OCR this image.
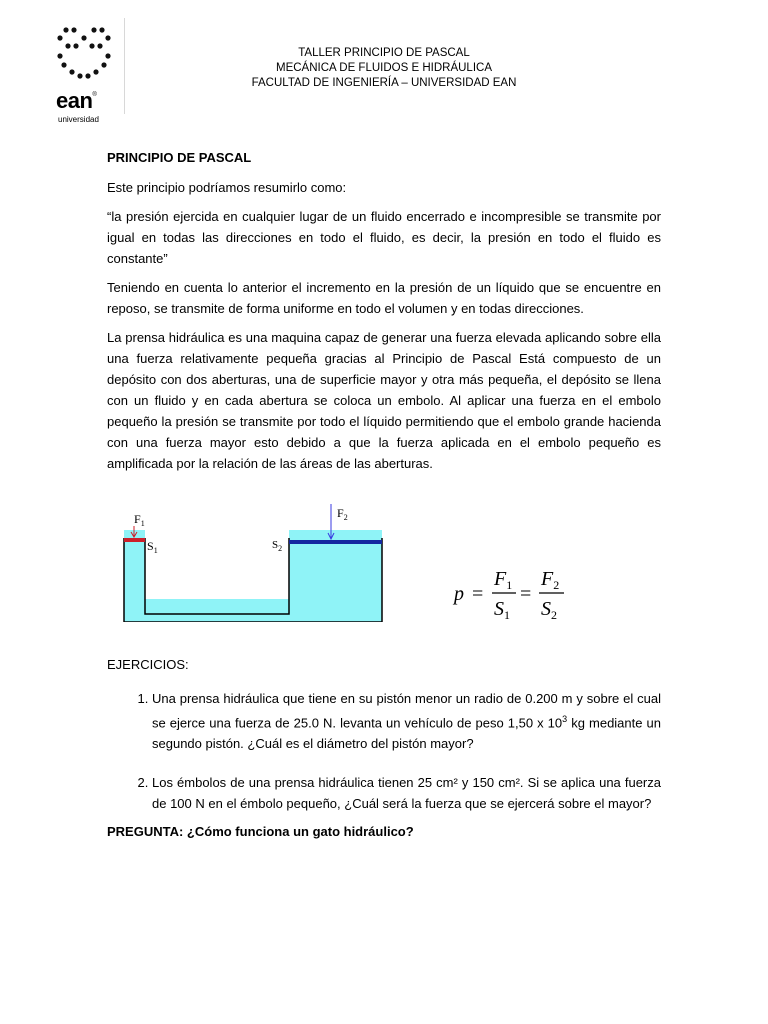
ean®
universidad
TALLER PRINCIPIO DE PASCAL
MECÁNICA DE FLUIDOS E HIDRÁULICA
FACULTAD DE INGENIERÍA – UNIVERSIDAD EAN

PRINCIPIO DE PASCAL

Este principio podríamos resumirlo como:

“la presión ejercida en cualquier lugar de un fluido encerrado e incompresible se transmite por igual en todas las direcciones en todo el fluido, es decir, la presión en todo el fluido es constante”

Teniendo en cuenta lo anterior el incremento en la presión de un líquido que se encuentre en reposo, se transmite de forma uniforme en todo el volumen y en todas direcciones.

La prensa hidráulica es una maquina capaz de generar una fuerza elevada aplicando sobre ella una fuerza relativamente pequeña gracias al Principio de Pascal Está compuesto de un depósito con dos aberturas, una de superficie mayor y otra más pequeña, el depósito se llena con un fluido y en cada abertura se coloca un embolo. Al aplicar una fuerza en el embolo pequeño la presión se transmite por todo el líquido permitiendo que el embolo grande hacienda con una fuerza mayor esto debido a que la fuerza aplicada en el embolo pequeño es amplificada por la relación de las áreas de las aberturas.

$F_1$
$S_1$	$S_2$
$F_2$
p =
$F_1$
$S_1$
=
$F_2$
$S_2$
EJERCICIOS:
1. Una prensa hidráulica que tiene en su pistón menor un radio de 0.200 m y sobre el cual se ejerce una fuerza de 25.0 N. levanta un vehículo de peso 1,50 x $10^3$ kg mediante un segundo pistón. ¿Cuál es el diámetro del pistón mayor?
2. Los émbolos de una prensa hidráulica tienen 25 cm² y 150 cm². Si se aplica una fuerza de 100 N en el émbolo pequeño, ¿Cuál será la fuerza que se ejercerá sobre el mayor?
PREGUNTA: ¿Cómo funciona un gato hidráulico?
